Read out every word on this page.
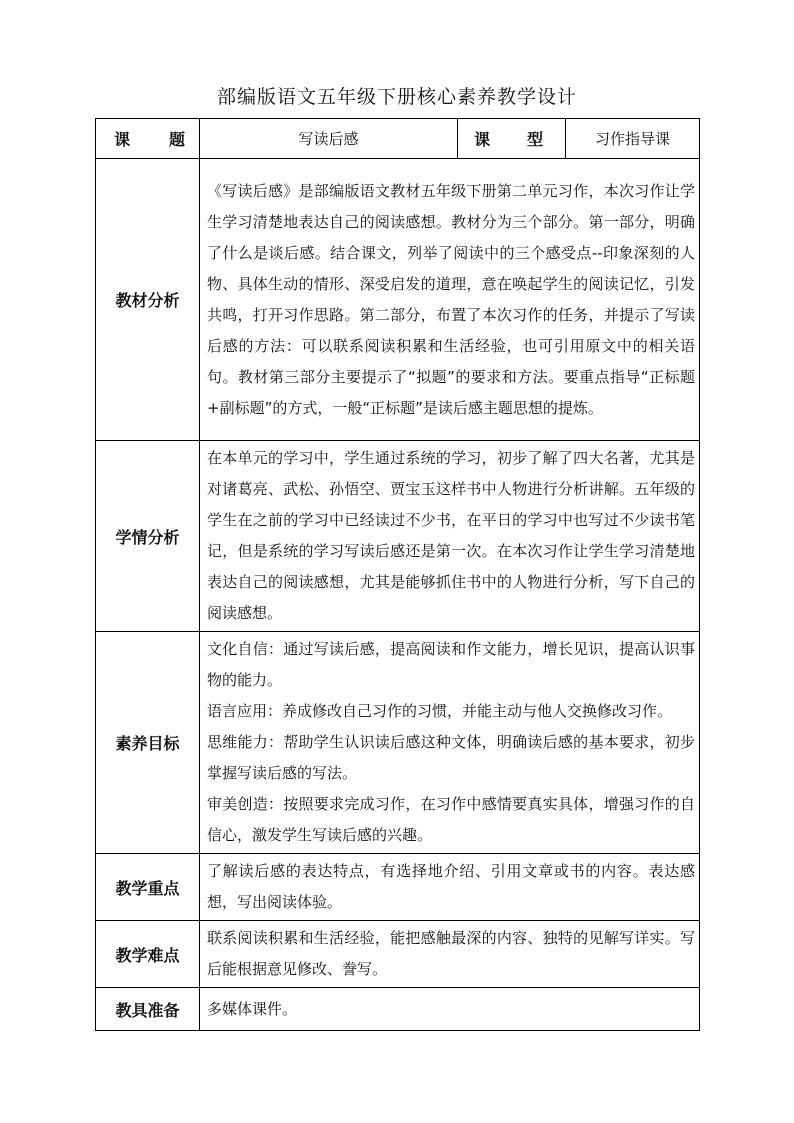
部编版语文五年级下册核心素养教学设计
课 题	写读后感	课 型	习作指导课
教材分析	《写读后感》是部编版语文教材五年级下册第二单元习作，本次习作让学生学习清楚地表达自己的阅读感想。教材分为三个部分。第一部分，明确了什么是谈后感。结合课文，列举了阅读中的三个感受点--印象深刻的人物、具体生动的情形、深受启发的道理，意在唤起学生的阅读记忆，引发共鸣，打开习作思路。第二部分，布置了本次习作的任务，并提示了写读后感的方法：可以联系阅读积累和生活经验，也可引用原文中的相关语句。教材第三部分主要提示了“拟题”的要求和方法。要重点指导“正标题+副标题”的方式，一般“正标题”是读后感主题思想的提炼。		

学情分析	在本单元的学习中，学生通过系统的学习，初步了解了四大名著，尤其是对诸葛亮、武松、孙悟空、贾宝玉这样书中人物进行分析讲解。五年级的学生在之前的学习中已经读过不少书，在平日的学习中也写过不少读书笔记，但是系统的学习写读后感还是第一次。在本次习作让学生学习清楚地表达自己的阅读感想，尤其是能够抓住书中的人物进行分析，写下自己的阅读感想。		

素养目标	文化自信：通过写读后感，提高阅读和作文能力，增长见识，提高认识事物的能力。

语言应用：养成修改自己习作的习惯，并能主动与他人交换修改习作。

思维能力：帮助学生认识读后感这种文体，明确读后感的基本要求，初步掌握写读后感的写法。

审美创造：按照要求完成习作，在习作中感情要真实具体，增强习作的自信心，激发学生写读后感的兴趣。		

教学重点	了解读后感的表达特点，有选择地介绍、引用文章或书的内容。表达感想，写出阅读体验。		

教学难点	联系阅读积累和生活经验，能把感触最深的内容、独特的见解写详实。写后能根据意见修改、誊写。		

教具准备	多媒体课件。		
